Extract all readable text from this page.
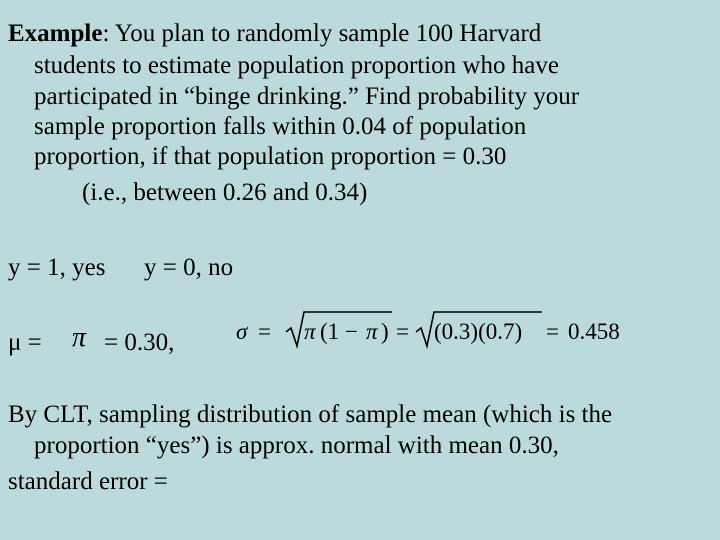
Example: You plan to randomly sample 100 Harvard
students to estimate population proportion who have
participated in “binge drinking.” Find probability your
sample proportion falls within 0.04 of population
proportion, if that population proportion = 0.30
(i.e., between 0.26 and 0.34)
y = 1, yes y = 0, no
μ = π = 0.30,	σ = π (1 − π ) = (0.3)(0.7) = 0.458
By CLT, sampling distribution of sample mean (which is the
proportion “yes”) is approx. normal with mean 0.30,
standard error =
